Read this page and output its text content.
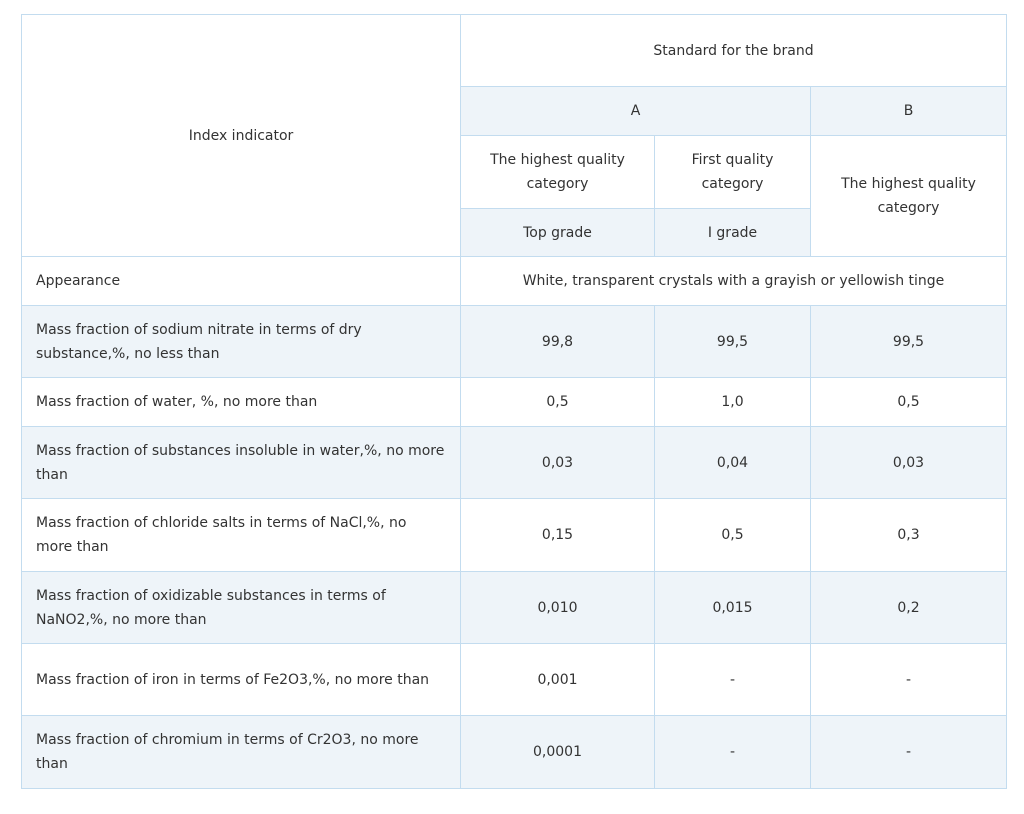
Index indicator	Standard for the brand		
	A		B
	The highest quality category	First quality category	The highest quality category
	Top grade	I grade	
Appearance	White, transparent crystals with a grayish or yellowish tinge		
Mass fraction of sodium nitrate in terms of dry substance,%, no less than	99,8	99,5	99,5
Mass fraction of water, %, no more than	0,5	1,0	0,5
Mass fraction of substances insoluble in water,%, no more than	0,03	0,04	0,03
Mass fraction of chloride salts in terms of NaCl,%, no more than	0,15	0,5	0,3
Mass fraction of oxidizable substances in terms of NaNO2,%, no more than	0,010	0,015	0,2
Mass fraction of iron in terms of Fe2O3,%, no more than	0,001	-	-
Mass fraction of chromium in terms of Cr2O3, no more than	0,0001	-	-
